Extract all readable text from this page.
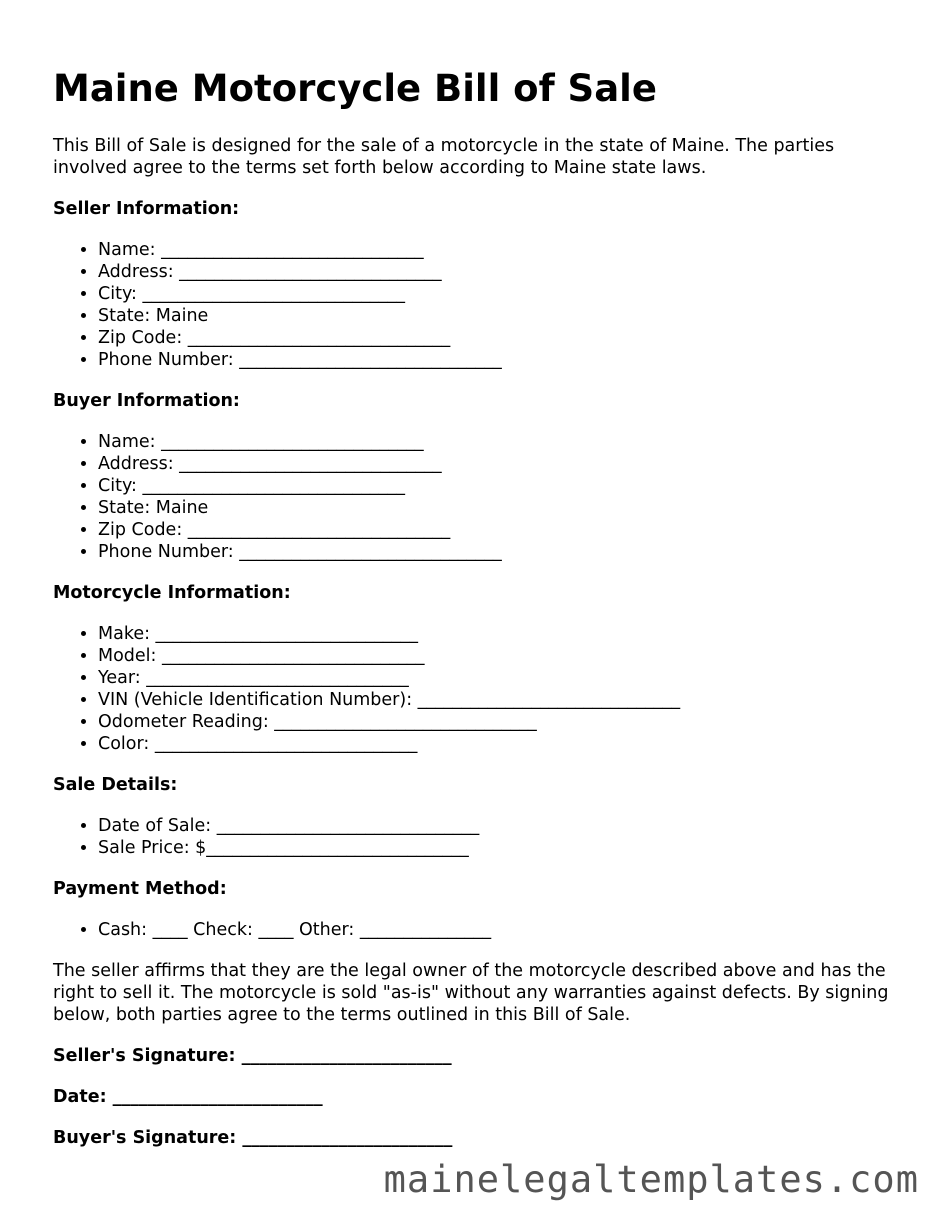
Maine Motorcycle Bill of Sale

This Bill of Sale is designed for the sale of a motorcycle in the state of Maine. The parties involved agree to the terms set forth below according to Maine state laws.

Seller Information:
• Name: ______________________________
• Address: ______________________________
• City: ______________________________
• State: Maine
• Zip Code: ______________________________
• Phone Number: ______________________________
Buyer Information:
• Name: ______________________________
• Address: ______________________________
• City: ______________________________
• State: Maine
• Zip Code: ______________________________
• Phone Number: ______________________________
Motorcycle Information:
• Make: ______________________________
• Model: ______________________________
• Year: ______________________________
• VIN (Vehicle Identification Number): ______________________________
• Odometer Reading: ______________________________
• Color: ______________________________
Sale Details:
• Date of Sale: ______________________________
• Sale Price: $______________________________
Payment Method:
• Cash: ____ Check: ____ Other: _______________

The seller affirms that they are the legal owner of the motorcycle described above and has the right to sell it. The motorcycle is sold "as-is" without any warranties against defects. By signing below, both parties agree to the terms outlined in this Bill of Sale.

Seller's Signature: ________________________
Date: ________________________
Buyer's Signature: ________________________
mainelegaltemplates.com
